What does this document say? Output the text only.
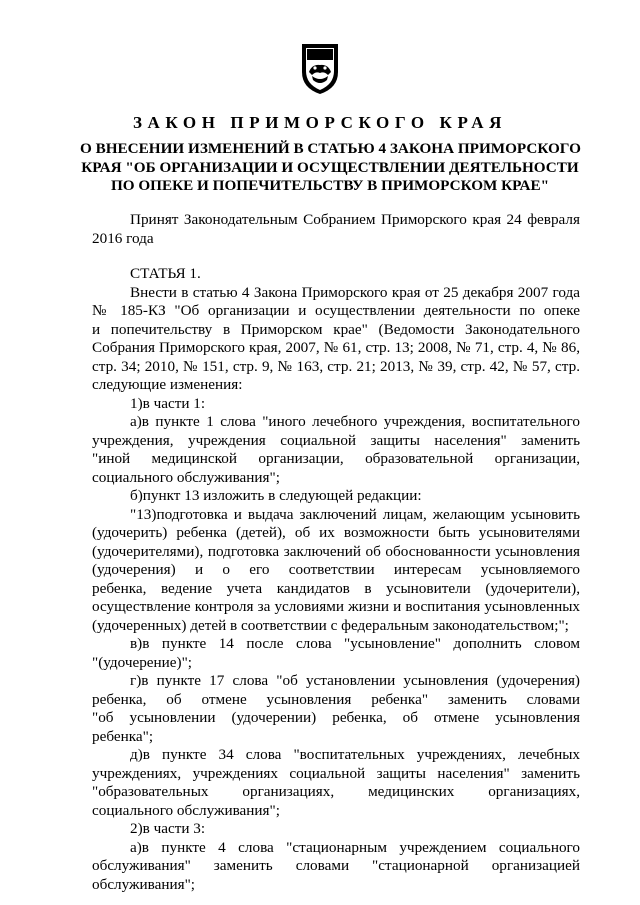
ЗАКОН ПРИМОРСКОГО КРАЯ
О ВНЕСЕНИИ ИЗМЕНЕНИЙ В СТАТЬЮ 4 ЗАКОНА ПРИМОРСКОГО
КРАЯ "ОБ ОРГАНИЗАЦИИ И ОСУЩЕСТВЛЕНИИ ДЕЯТЕЛЬНОСТИ
ПО ОПЕКЕ И ПОПЕЧИТЕЛЬСТВУ В ПРИМОРСКОМ КРАЕ"
Принят Законодательным Собранием Приморского края 24 февраля
2016 года
СТАТЬЯ 1.
Внести в статью 4 Закона Приморского края от 25 декабря 2007 года
№ 185-КЗ "Об организации и осуществлении деятельности по опеке
и попечительству в Приморском крае" (Ведомости Законодательного
Собрания Приморского края, 2007, № 61, стр. 13; 2008, № 71, стр. 4, № 86,
стр. 34; 2010, № 151, стр. 9, № 163, стр. 21; 2013, № 39, стр. 42, № 57, стр.
следующие изменения:
1)в части 1:
а)в пункте 1 слова "иного лечебного учреждения, воспитательного
учреждения, учреждения социальной защиты населения" заменить
"иной медицинской организации, образовательной организации,
социального обслуживания";
б)пункт 13 изложить в следующей редакции:
"13)подготовка и выдача заключений лицам, желающим усыновить
(удочерить) ребенка (детей), об их возможности быть усыновителями
(удочерителями), подготовка заключений об обоснованности усыновления
(удочерения) и о его соответствии интересам усыновляемого
ребенка, ведение учета кандидатов в усыновители (удочерители),
осуществление контроля за условиями жизни и воспитания усыновленных
(удочеренных) детей в соответствии с федеральным законодательством;";
в)в пункте 14 после слова "усыновление" дополнить словом
"(удочерение)";
г)в пункте 17 слова "об установлении усыновления (удочерения)
ребенка, об отмене усыновления ребенка" заменить словами
"об усыновлении (удочерении) ребенка, об отмене усыновления
ребенка";
д)в пункте 34 слова "воспитательных учреждениях, лечебных
учреждениях, учреждениях социальной защиты населения" заменить
"образовательных организациях, медицинских организациях,
социального обслуживания";
2)в части 3:
а)в пункте 4 слова "стационарным учреждением социального
обслуживания" заменить словами "стационарной организацией
обслуживания";
